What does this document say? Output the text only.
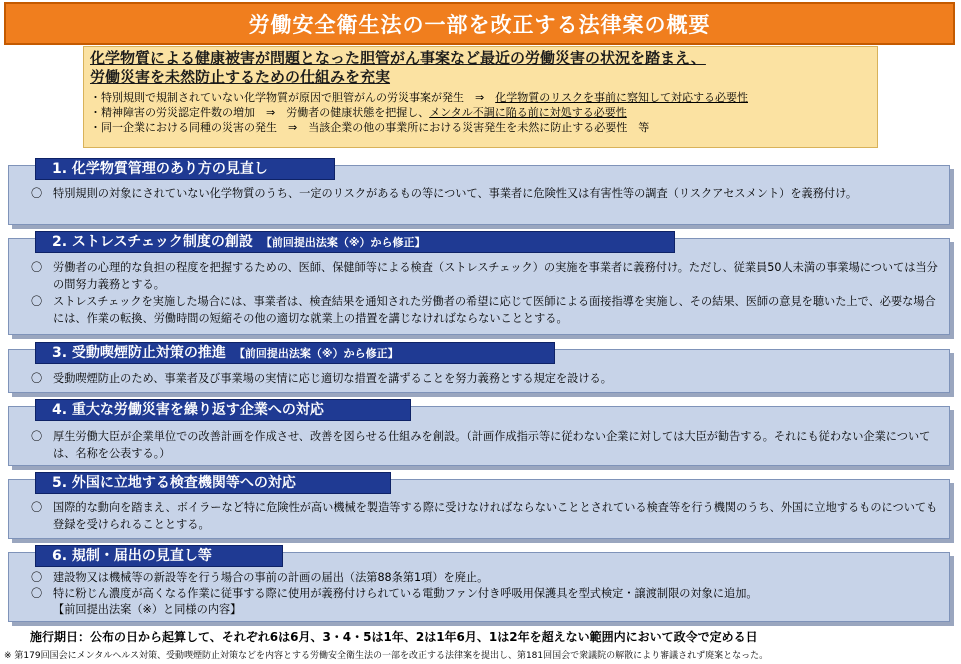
労働安全衛生法の一部を改正する法律案の概要
化学物質による健康被害が問題となった胆管がん事案など最近の労働災害の状況を踏まえ、
労働災害を未然防止するための仕組みを充実
・特別規則で規制されていない化学物質が原因で胆管がんの労災事案が発生　⇒　化学物質のリスクを事前に察知して対応する必要性
・精神障害の労災認定件数の増加　⇒　労働者の健康状態を把握し、メンタル不調に陥る前に対処する必要性
・同一企業における同種の災害の発生　⇒　当該企業の他の事業所における災害発生を未然に防止する必要性　等
1. 化学物質管理のあり方の見直し
〇 特別規則の対象にされていない化学物質のうち、一定のリスクがあるもの等について、事業者に危険性又は有害性等の調査（リスクアセスメント）を義務付け。
2. ストレスチェック制度の創設 【前回提出法案（※）から修正】
〇 労働者の心理的な負担の程度を把握するための、医師、保健師等による検査（ストレスチェック）の実施を事業者に義務付け。ただし、従業員50人未満の事業場については当分の間努力義務とする。
〇 ストレスチェックを実施した場合には、事業者は、検査結果を通知された労働者の希望に応じて医師による面接指導を実施し、その結果、医師の意見を聴いた上で、必要な場合には、作業の転換、労働時間の短縮その他の適切な就業上の措置を講じなければならないこととする。
3. 受動喫煙防止対策の推進 【前回提出法案（※）から修正】
〇 受動喫煙防止のため、事業者及び事業場の実情に応じ適切な措置を講ずることを努力義務とする規定を設ける。
4. 重大な労働災害を繰り返す企業への対応
〇 厚生労働大臣が企業単位での改善計画を作成させ、改善を図らせる仕組みを創設。（計画作成指示等に従わない企業に対しては大臣が勧告する。それにも従わない企業については、名称を公表する。）
5. 外国に立地する検査機関等への対応
〇 国際的な動向を踏まえ、ボイラーなど特に危険性が高い機械を製造等する際に受けなければならないこととされている検査等を行う機関のうち、外国に立地するものについても登録を受けられることとする。
6. 規制・届出の見直し等
〇 建設物又は機械等の新設等を行う場合の事前の計画の届出（法第88条第1項）を廃止。
〇 特に粉じん濃度が高くなる作業に従事する際に使用が義務付けられている電動ファン付き呼吸用保護具を型式検定・譲渡制限の対象に追加。
【前回提出法案（※）と同様の内容】
施行期日：公布の日から起算して、それぞれ6は6月、3・4・5は1年、2は1年6月、1は2年を超えない範囲内において政令で定める日
※ 第179回国会にメンタルヘルス対策、受動喫煙防止対策などを内容とする労働安全衛生法の一部を改正する法律案を提出し、第181回国会で衆議院の解散により審議されず廃案となった。
